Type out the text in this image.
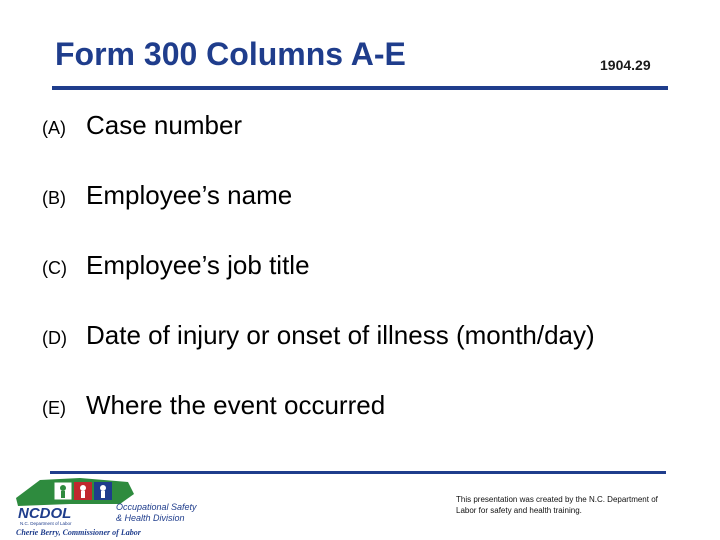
Form 300 Columns A-E	1904.29
(A) Case number
(B) Employee’s name
(C) Employee’s job title
(D) Date of injury or onset of illness (month/day)
(E) Where the event occurred
NCDOL
N.C. Department of Labor
Occupational Safety
& Health Division
Cherie Berry, Commissioner of Labor
This presentation was created by the N.C. Department of Labor for safety and health training.
